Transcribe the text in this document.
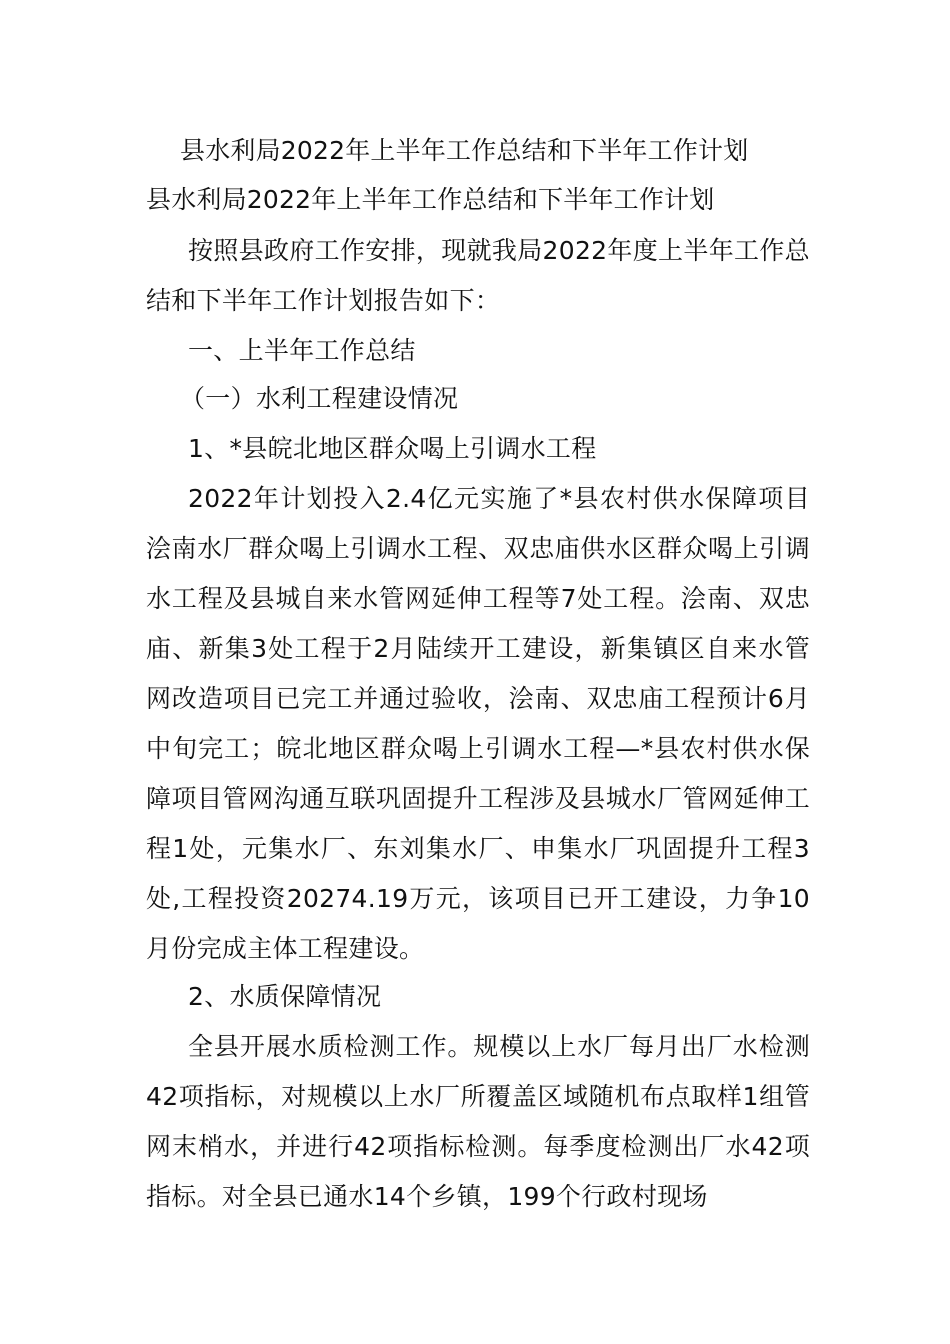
县水利局2022年上半年工作总结和下半年工作计划
县水利局2022年上半年工作总结和下半年工作计划

按照县政府工作安排，现就我局2022年度上半年工作总结和下半年工作计划报告如下：

一、上半年工作总结

（一）水利工程建设情况

1、*县皖北地区群众喝上引调水工程

2022年计划投入2.4亿元实施了*县农村供水保障项目浍南水厂群众喝上引调水工程、双忠庙供水区群众喝上引调水工程及县城自来水管网延伸工程等7处工程。浍南、双忠庙、新集3处工程于2月陆续开工建设，新集镇区自来水管网改造项目已完工并通过验收，浍南、双忠庙工程预计6月中旬完工；皖北地区群众喝上引调水工程—*县农村供水保障项目管网沟通互联巩固提升工程涉及县城水厂管网延伸工程1处，元集水厂、东刘集水厂、申集水厂巩固提升工程3处,工程投资20274.19万元，该项目已开工建设，力争10月份完成主体工程建设。

2、水质保障情况

全县开展水质检测工作。规模以上水厂每月出厂水检测42项指标，对规模以上水厂所覆盖区域随机布点取样1组管网末梢水，并进行42项指标检测。每季度检测出厂水42项指标。对全县已通水14个乡镇，199个行政村现场
